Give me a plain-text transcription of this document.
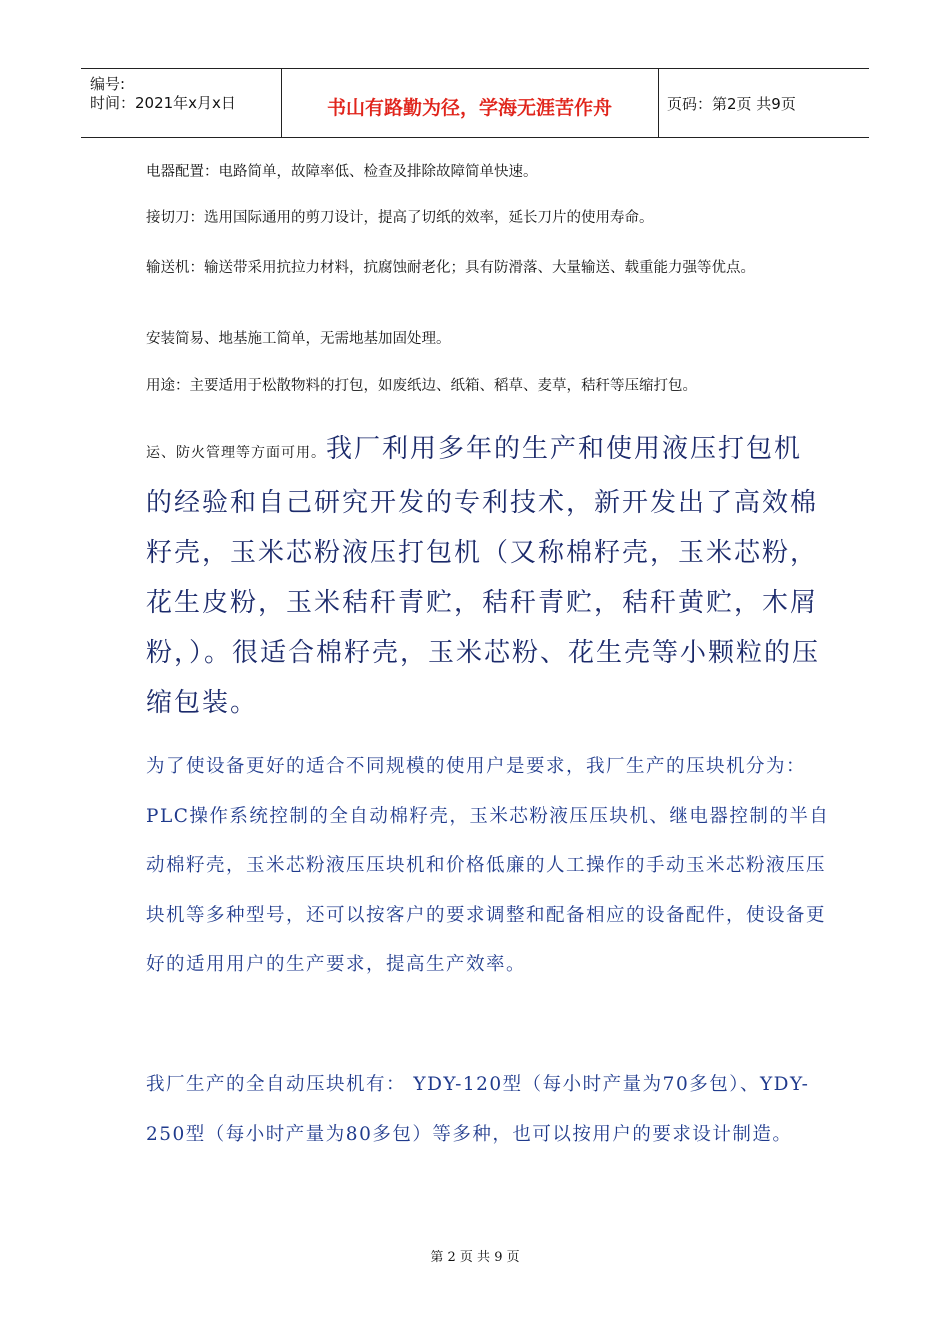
编号:
时间：2021年x月x日	书山有路勤为径，学海无涯苦作舟	页码：第2页 共9页
电器配置：电路简单，故障率低、检查及排除故障简单快速。
接切刀：选用国际通用的剪刀设计，提高了切纸的效率，延长刀片的使用寿命。
输送机：输送带采用抗拉力材料，抗腐蚀耐老化；具有防滑落、大量输送、载重能力强等优点。
安装简易、地基施工简单，无需地基加固处理。
用途：主要适用于松散物料的打包，如废纸边、纸箱、稻草、麦草，秸秆等压缩打包。
运、防火管理等方面可用。我厂利用多年的生产和使用液压打包机的经验和自己研究开发的专利技术，新开发出了高效棉籽壳，玉米芯粉液压打包机（又称棉籽壳，玉米芯粉，花生皮粉，玉米秸秆青贮，秸秆青贮，秸秆黄贮，木屑粉，）。很适合棉籽壳，玉米芯粉、花生壳等小颗粒的压缩包装。
为了使设备更好的适合不同规模的使用户是要求，我厂生产的压块机分为：PLC操作系统控制的全自动棉籽壳，玉米芯粉液压压块机、继电器控制的半自动棉籽壳，玉米芯粉液压压块机和价格低廉的人工操作的手动玉米芯粉液压压块机等多种型号，还可以按客户的要求调整和配备相应的设备配件，使设备更好的适用用户的生产要求，提高生产效率。
我厂生产的全自动压块机有： YDY-120型（每小时产量为70多包）、YDY-250型（每小时产量为80多包）等多种，也可以按用户的要求设计制造。
第 2 页 共 9 页
